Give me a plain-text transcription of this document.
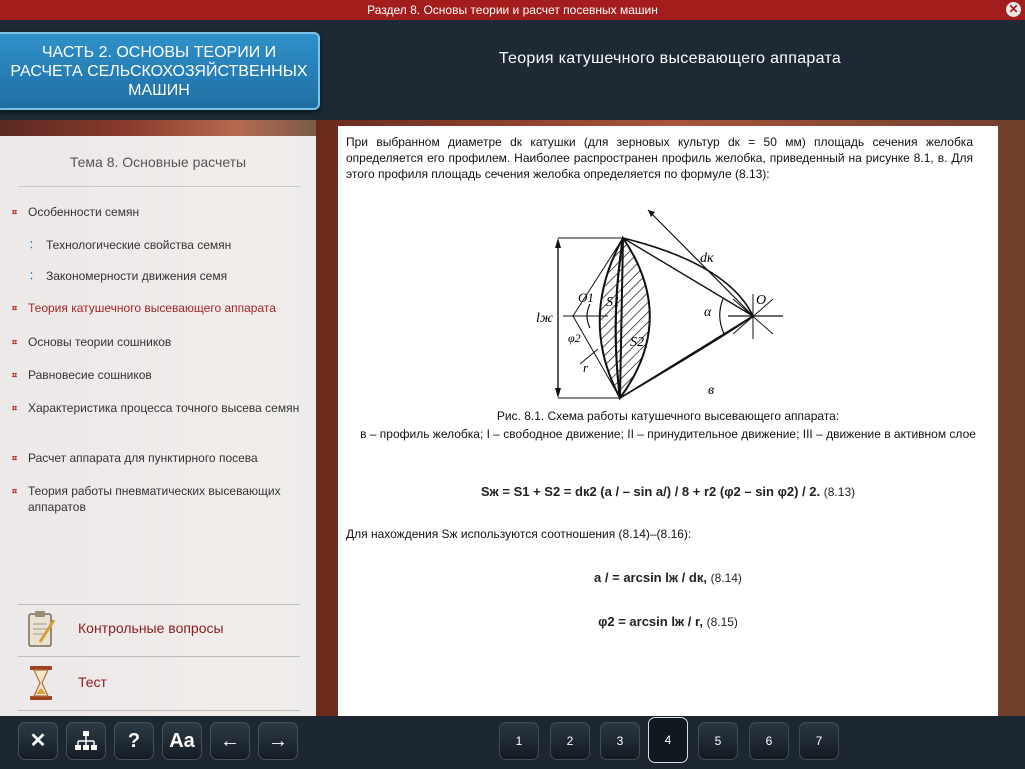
Раздел 8. Основы теории и расчет посевных машин	✕
ЧАСТЬ 2. ОСНОВЫ ТЕОРИИ И РАСЧЕТА СЕЛЬСКОХОЗЯЙСТВЕННЫХ МАШИН
Теория катушечного высевающего аппарата
Тема 8. Основные расчеты
⌗ Особенности семян
⁚	Технологические свойства семян
⁚	Закономерности движения семя
⌗ Теория катушечного высевающего аппарата
⌗ Основы теории сошников
⌗ Равновесие сошников
⌗ Характеристика процесса точного высева семян
⌗ Расчет аппарата для пунктирного посева
⌗ Теория работы пневматических высевающих аппаратов
Контрольные вопросы
Тест
При выбранном диаметре dк катушки (для зерновых культур dк = 50 мм) площадь сечения желобка определяется его профилем. Наиболее распространен профиль желобка, приведенный на рисунке 8.1, в. Для этого профиля площадь сечения желобка определяется по формуле (8.13):
dк
O1 S1
S2
lж
φ2
r
α
O
в
Рис. 8.1. Схема работы катушечного высевающего аппарата:
в – профиль желобка; I – свободное движение; II – принудительное движение; III – движение в активном слое
Sж = S1 + S2 = dк2 (a / – sin a/) / 8 + r2 (φ2 – sin φ2) / 2. (8.13)
Для нахождения Sж используются соотношения (8.14)–(8.16):
a / = arcsin lж / dк, (8.14)
φ2 = arcsin lж / r, (8.15)
✕	?	Aa	←	→	1	2	3	4	5	6	7
